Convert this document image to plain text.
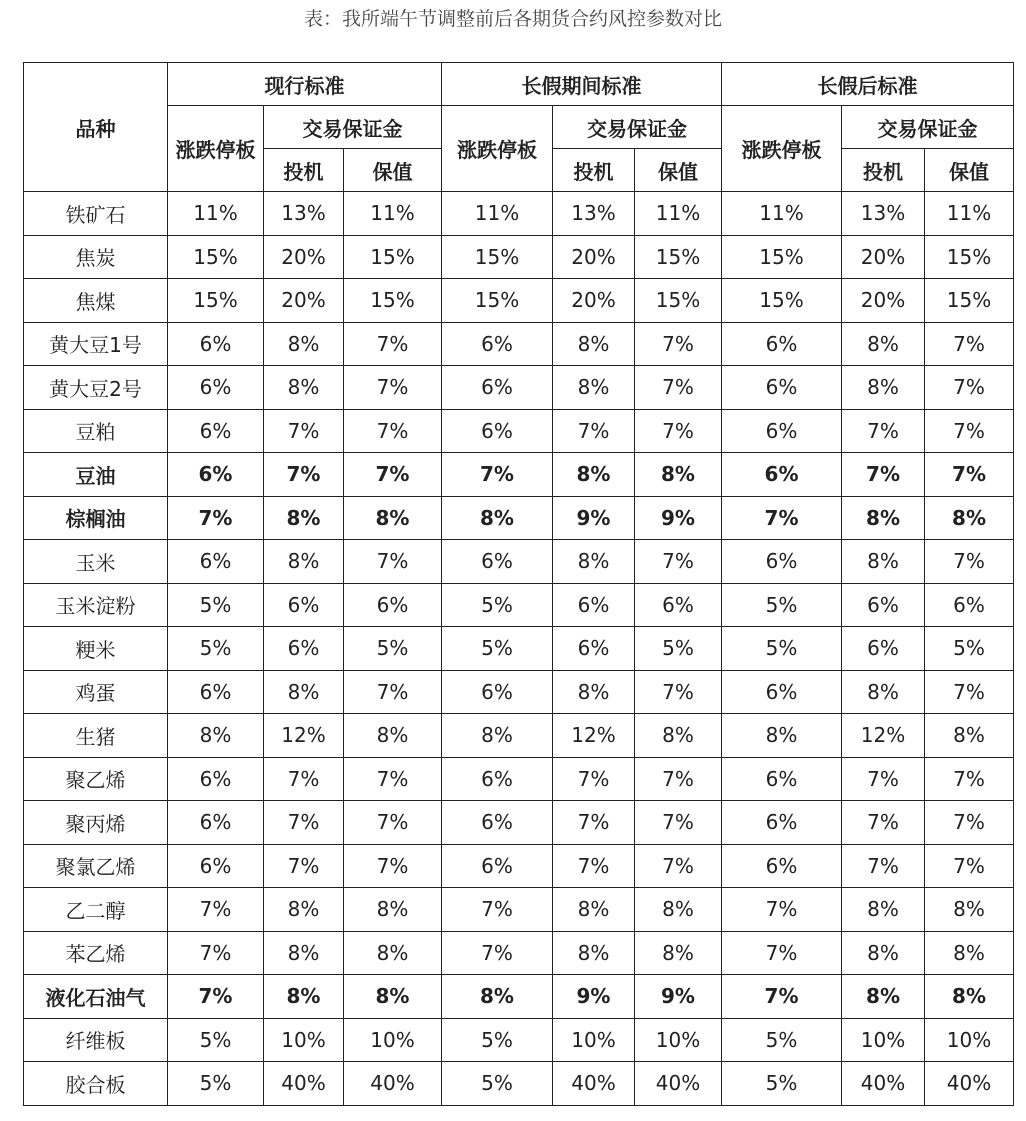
表：我所端午节调整前后各期货合约风控参数对比
品种	现行标准			长假期间标准			长假后标准		
	涨跌停板	交易保证金		涨跌停板	交易保证金		涨跌停板	交易保证金	
		投机	保值		投机	保值		投机	保值
铁矿石	11%	13%	11%	11%	13%	11%	11%	13%	11%
焦炭	15%	20%	15%	15%	20%	15%	15%	20%	15%
焦煤	15%	20%	15%	15%	20%	15%	15%	20%	15%
黄大豆1号	6%	8%	7%	6%	8%	7%	6%	8%	7%
黄大豆2号	6%	8%	7%	6%	8%	7%	6%	8%	7%
豆粕	6%	7%	7%	6%	7%	7%	6%	7%	7%
豆油	6%	7%	7%	7%	8%	8%	6%	7%	7%
棕榈油	7%	8%	8%	8%	9%	9%	7%	8%	8%
玉米	6%	8%	7%	6%	8%	7%	6%	8%	7%
玉米淀粉	5%	6%	6%	5%	6%	6%	5%	6%	6%
粳米	5%	6%	5%	5%	6%	5%	5%	6%	5%
鸡蛋	6%	8%	7%	6%	8%	7%	6%	8%	7%
生猪	8%	12%	8%	8%	12%	8%	8%	12%	8%
聚乙烯	6%	7%	7%	6%	7%	7%	6%	7%	7%
聚丙烯	6%	7%	7%	6%	7%	7%	6%	7%	7%
聚氯乙烯	6%	7%	7%	6%	7%	7%	6%	7%	7%
乙二醇	7%	8%	8%	7%	8%	8%	7%	8%	8%
苯乙烯	7%	8%	8%	7%	8%	8%	7%	8%	8%
液化石油气	7%	8%	8%	8%	9%	9%	7%	8%	8%
纤维板	5%	10%	10%	5%	10%	10%	5%	10%	10%
胶合板	5%	40%	40%	5%	40%	40%	5%	40%	40%
